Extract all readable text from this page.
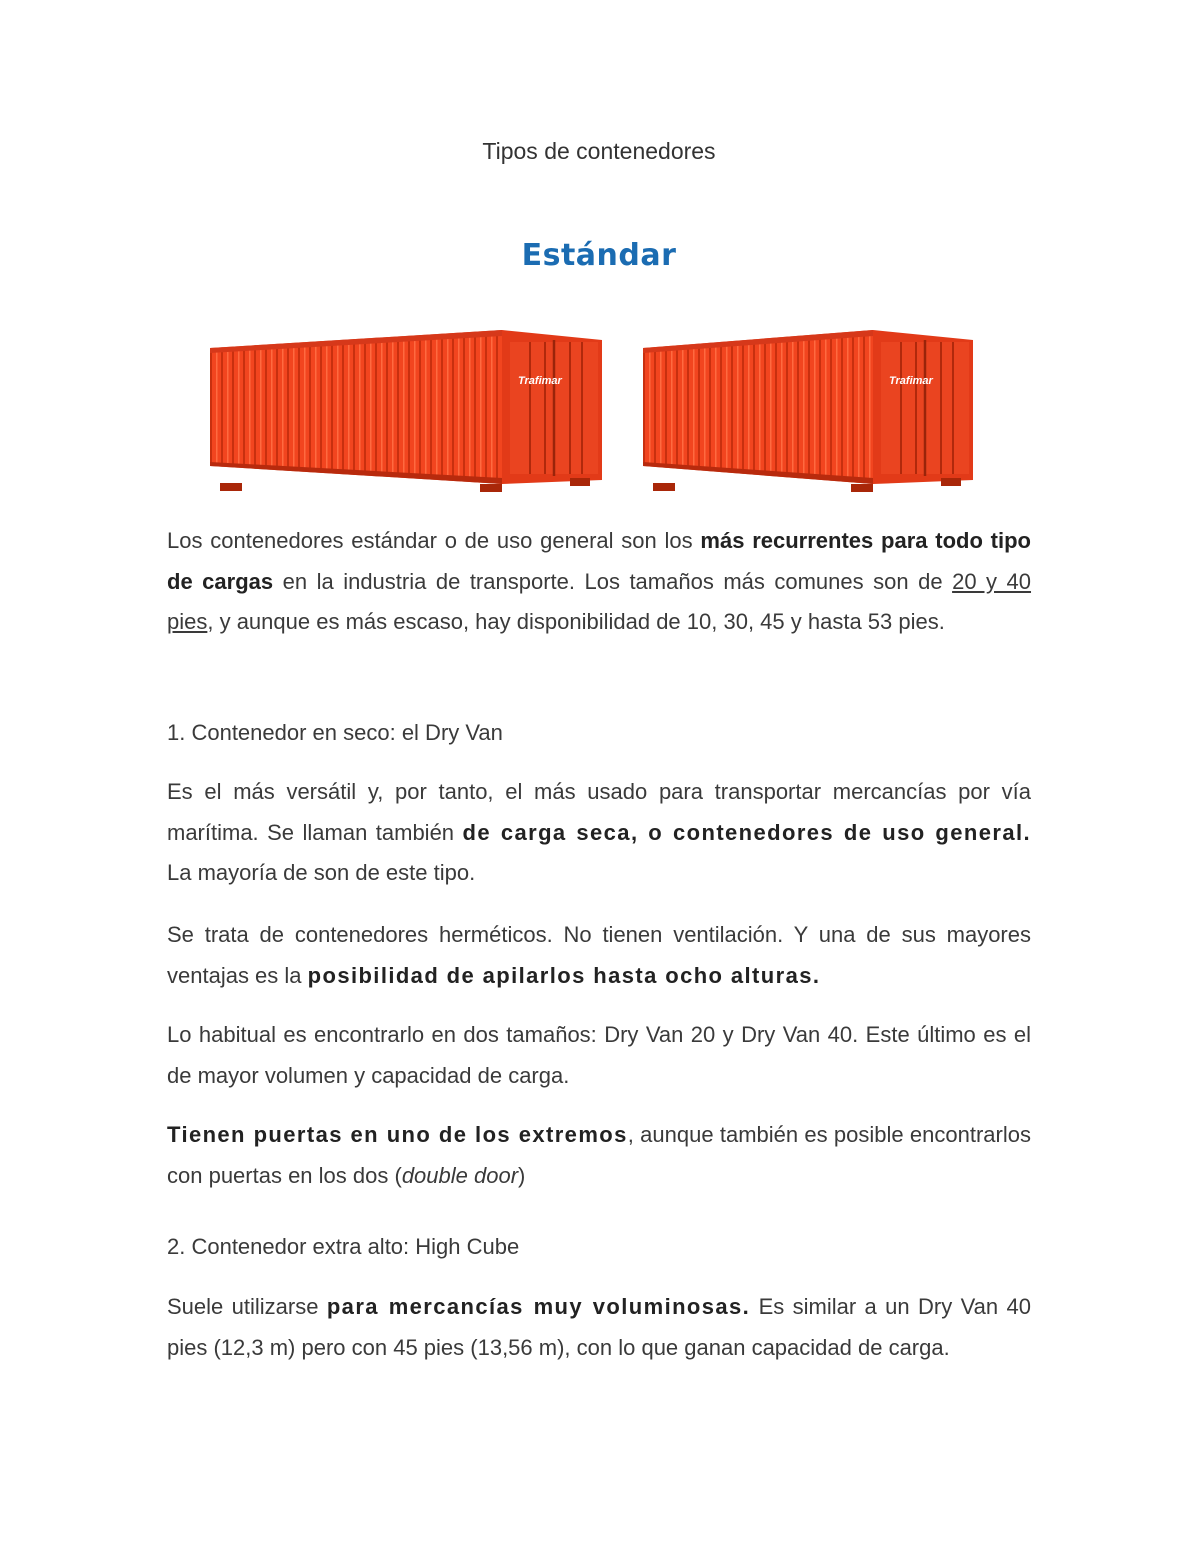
Tipos de contenedores
Estándar
Trafimar	Trafimar
Los contenedores estándar o de uso general son los más recurrentes para todo tipo de cargas en la industria de transporte. Los tamaños más comunes son de 20 y 40 pies, y aunque es más escaso, hay disponibilidad de 10, 30, 45 y hasta 53 pies.
1. Contenedor en seco: el Dry Van
Es el más versátil y, por tanto, el más usado para transportar mercancías por vía marítima. Se llaman también de carga seca, o contenedores de uso general. La mayoría de son de este tipo.
Se trata de contenedores herméticos. No tienen ventilación. Y una de sus mayores ventajas es la posibilidad de apilarlos hasta ocho alturas.
Lo habitual es encontrarlo en dos tamaños: Dry Van 20 y Dry Van 40. Este último es el de mayor volumen y capacidad de carga.
Tienen puertas en uno de los extremos, aunque también es posible encontrarlos con puertas en los dos (double door)
2. Contenedor extra alto: High Cube
Suele utilizarse para mercancías muy voluminosas. Es similar a un Dry Van 40 pies (12,3 m) pero con 45 pies (13,56 m), con lo que ganan capacidad de carga.
